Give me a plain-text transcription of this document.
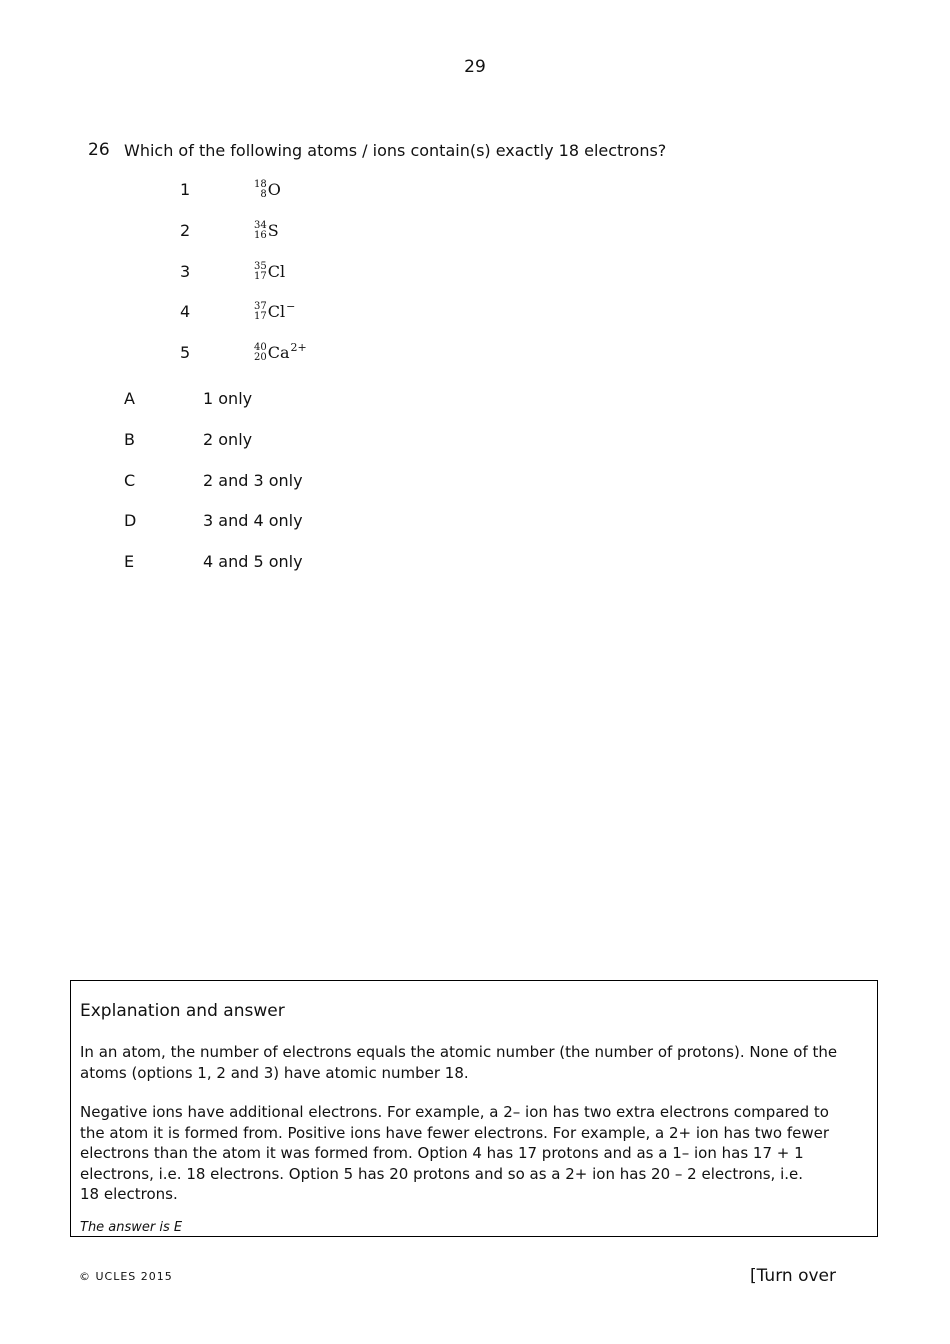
29
26 Which of the following atoms / ions contain(s) exactly 18 electrons?
1	18
8 O
2	34
16 S
3	35
17 Cl
4	37
17 Cl −
5	40
20 Ca 2+
A	1 only
B	2 only
C	2 and 3 only
D	3 and 4 only
E	4 and 5 only
Explanation and answer
In an atom, the number of electrons equals the atomic number (the number of protons). None of the
atoms (options 1, 2 and 3) have atomic number 18.
Negative ions have additional electrons. For example, a 2– ion has two extra electrons compared to
the atom it is formed from. Positive ions have fewer electrons. For example, a 2+ ion has two fewer
electrons than the atom it was formed from. Option 4 has 17 protons and as a 1– ion has 17 + 1
electrons, i.e. 18 electrons. Option 5 has 20 protons and so as a 2+ ion has 20 – 2 electrons, i.e.
18 electrons.
The answer is E
© UCLES 2015	[Turn over
